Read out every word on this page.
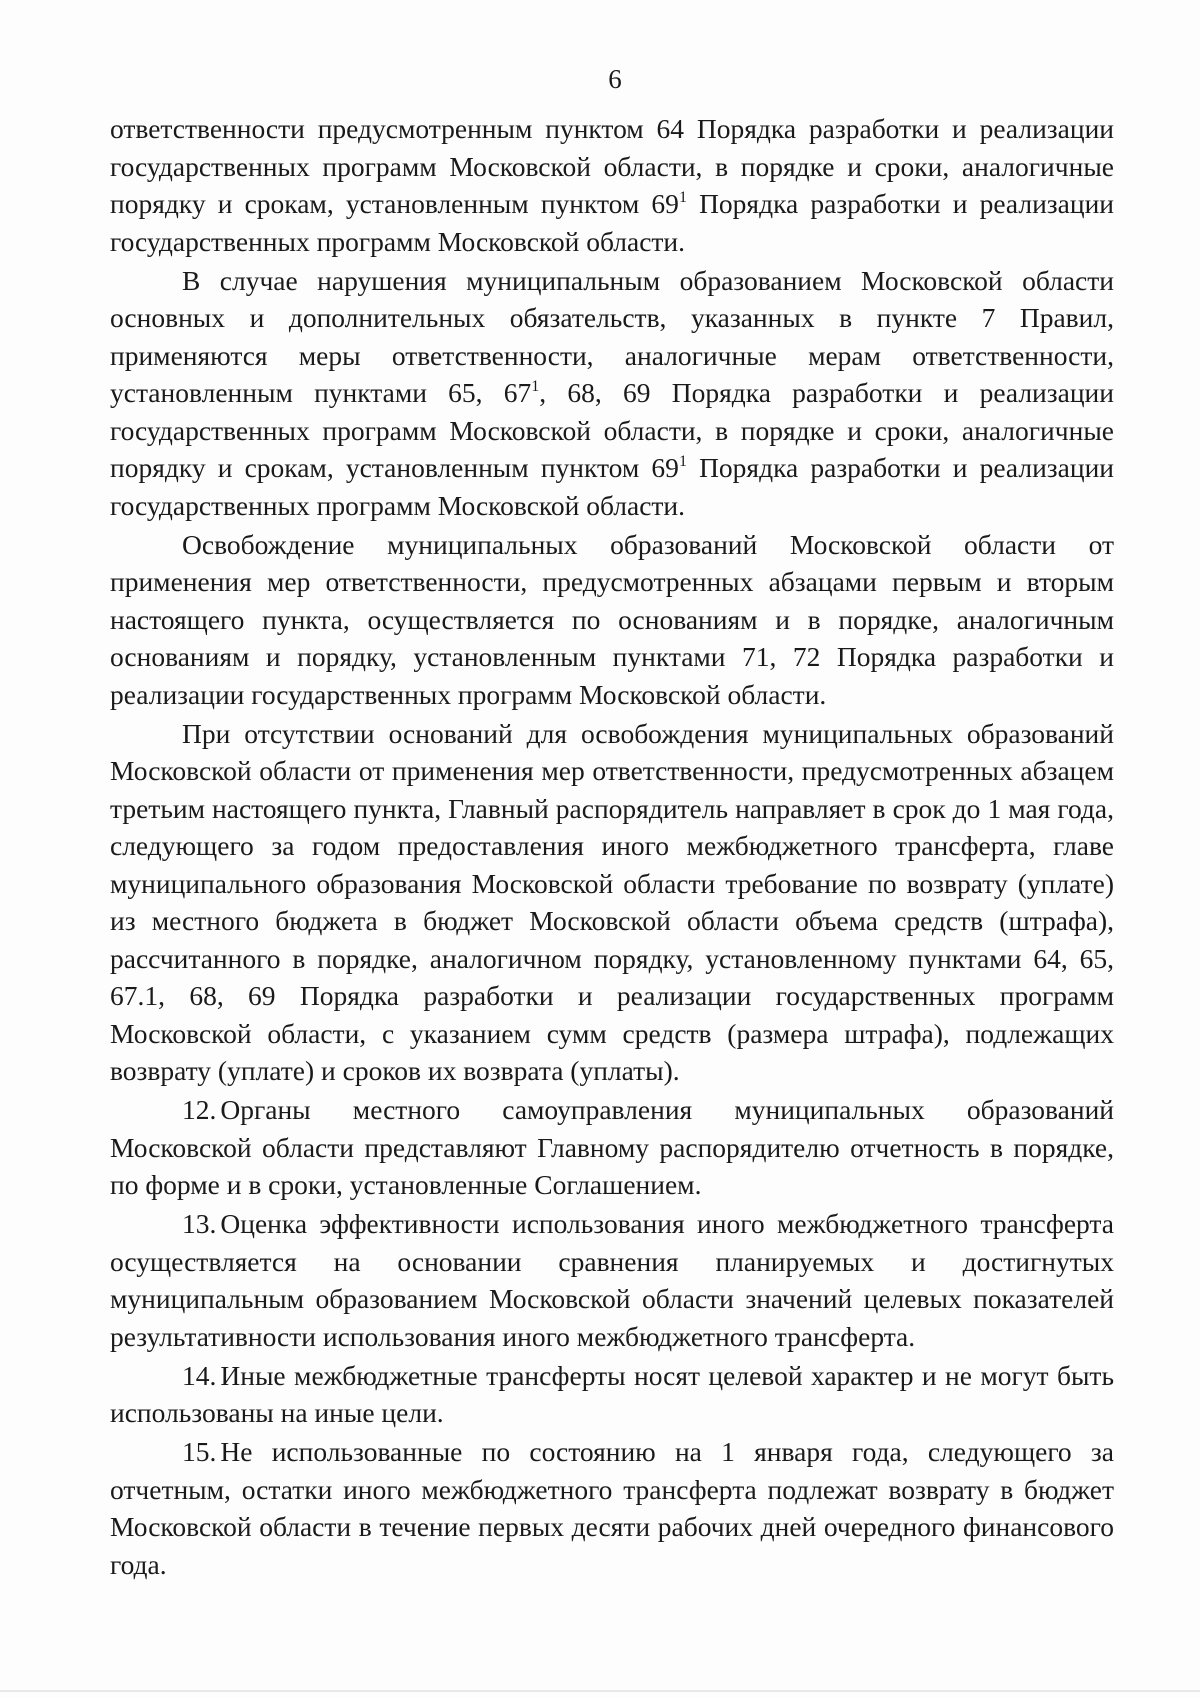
6

ответственности предусмотренным пунктом 64 Порядка разработки и реализации государственных программ Московской области, в порядке и сроки, аналогичные порядку и срокам, установленным пунктом $69^1$ Порядка разработки и реализации государственных программ Московской области.

В случае нарушения муниципальным образованием Московской области основных и дополнительных обязательств, указанных в пункте 7 Правил, применяются меры ответственности, аналогичные мерам ответственности, установленным пунктами 65, $67^1$, 68, 69 Порядка разработки и реализации государственных программ Московской области, в порядке и сроки, аналогичные порядку и срокам, установленным пунктом $69^1$ Порядка разработки и реализации государственных программ Московской области.

Освобождение муниципальных образований Московской области от применения мер ответственности, предусмотренных абзацами первым и вторым настоящего пункта, осуществляется по основаниям и в порядке, аналогичным основаниям и порядку, установленным пунктами 71, 72 Порядка разработки и реализации государственных программ Московской области.

При отсутствии оснований для освобождения муниципальных образований Московской области от применения мер ответственности, предусмотренных абзацем третьим настоящего пункта, Главный распорядитель направляет в срок до 1 мая года, следующего за годом предоставления иного межбюджетного трансферта, главе муниципального образования Московской области требование по возврату (уплате) из местного бюджета в бюджет Московской области объема средств (штрафа), рассчитанного в порядке, аналогичном порядку, установленному пунктами 64, 65, 67.1, 68, 69 Порядка разработки и реализации государственных программ Московской области, с указанием сумм средств (размера штрафа), подлежащих возврату (уплате) и сроков их возврата (уплаты).

12. Органы местного самоуправления муниципальных образований Московской области представляют Главному распорядителю отчетность в порядке, по форме и в сроки, установленные Соглашением.

13. Оценка эффективности использования иного межбюджетного трансферта осуществляется на основании сравнения планируемых и достигнутых муниципальным образованием Московской области значений целевых показателей результативности использования иного межбюджетного трансферта.

14. Иные межбюджетные трансферты носят целевой характер и не могут быть использованы на иные цели.

15. Не использованные по состоянию на 1 января года, следующего за отчетным, остатки иного межбюджетного трансферта подлежат возврату в бюджет Московской области в течение первых десяти рабочих дней очередного финансового года.
